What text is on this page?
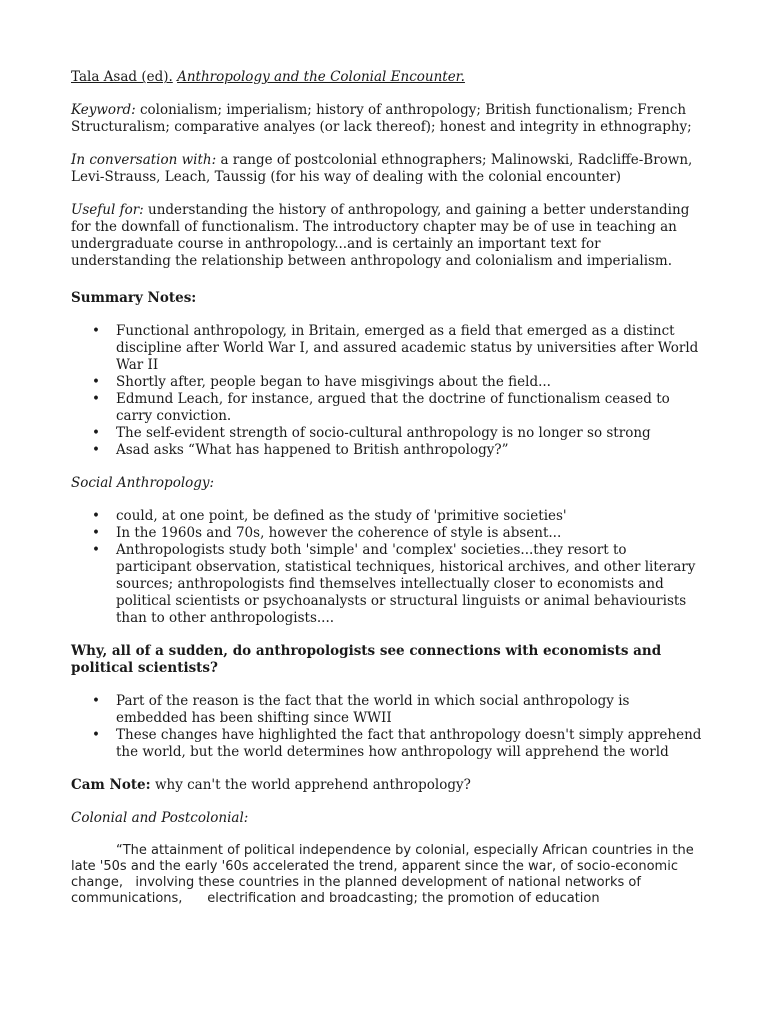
Tala Asad (ed). Anthropology and the Colonial Encounter.

Keyword: colonialism; imperialism; history of anthropology; British functionalism; French Structuralism; comparative analyes (or lack thereof); honest and integrity in ethnography;

In conversation with: a range of postcolonial ethnographers; Malinowski, Radcliffe-Brown, Levi-Strauss, Leach, Taussig (for his way of dealing with the colonial encounter)

Useful for: understanding the history of anthropology, and gaining a better understanding for the downfall of functionalism. The introductory chapter may be of use in teaching an undergraduate course in anthropology...and is certainly an important text for understanding the relationship between anthropology and colonialism and imperialism.

Summary Notes:

• Functional anthropology, in Britain, emerged as a field that emerged as a distinct discipline after World War I, and assured academic status by universities after World War II
• Shortly after, people began to have misgivings about the field...
• Edmund Leach, for instance, argued that the doctrine of functionalism ceased to carry conviction.
• The self-evident strength of socio-cultural anthropology is no longer so strong
• Asad asks “What has happened to British anthropology?”

Social Anthropology:

• could, at one point, be defined as the study of 'primitive societies'
• In the 1960s and 70s, however the coherence of style is absent...
• Anthropologists study both 'simple' and 'complex' societies...they resort to participant observation, statistical techniques, historical archives, and other literary sources; anthropologists find themselves intellectually closer to economists and political scientists or psychoanalysts or structural linguists or animal behaviourists than to other anthropologists....

Why, all of a sudden, do anthropologists see connections with economists and political scientists?

• Part of the reason is the fact that the world in which social anthropology is embedded has been shifting since WWII
• These changes have highlighted the fact that anthropology doesn't simply apprehend the world, but the world determines how anthropology will apprehend the world

Cam Note: why can't the world apprehend anthropology?

Colonial and Postcolonial:

“The attainment of political independence by colonial, especially African countries in the late '50s and the early '60s accelerated the trend, apparent since the war, of socio-economic change,   involving these countries in the planned development of national networks of communications,      electrification and broadcasting; the promotion of education
